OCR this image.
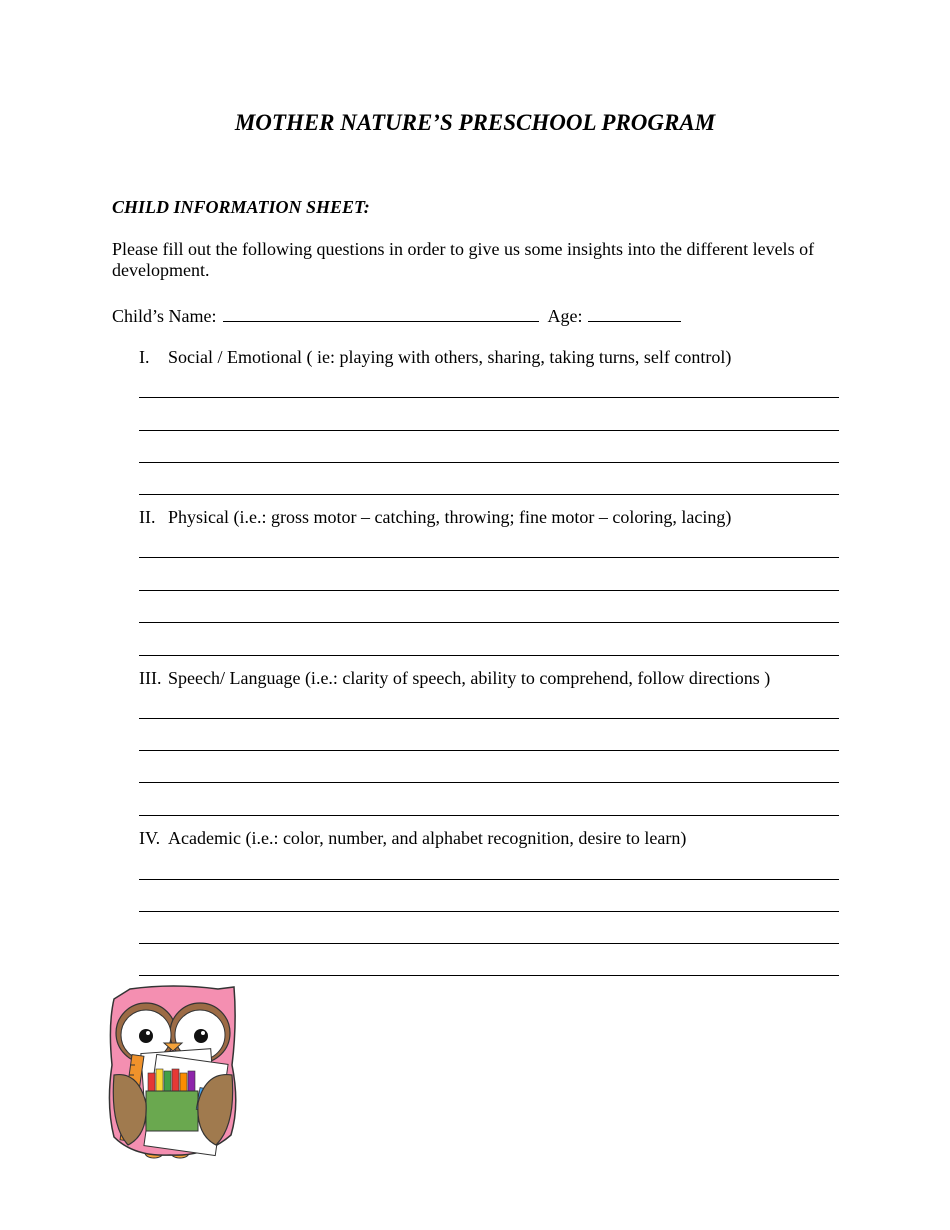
MOTHER NATURE’S PRESCHOOL PROGRAM
CHILD INFORMATION SHEET:

Please fill out the following questions in order to give us some insights into the different levels of development.

Child’s Name:	Age:

I. Social / Emotional ( ie: playing with others, sharing, taking turns, self control)

II. Physical (i.e.: gross motor – catching, throwing; fine motor – coloring, lacing)

III. Speech/ Language (i.e.: clarity of speech, ability to comprehend, follow directions )

IV. Academic (i.e.: color, number, and alphabet recognition, desire to learn)
